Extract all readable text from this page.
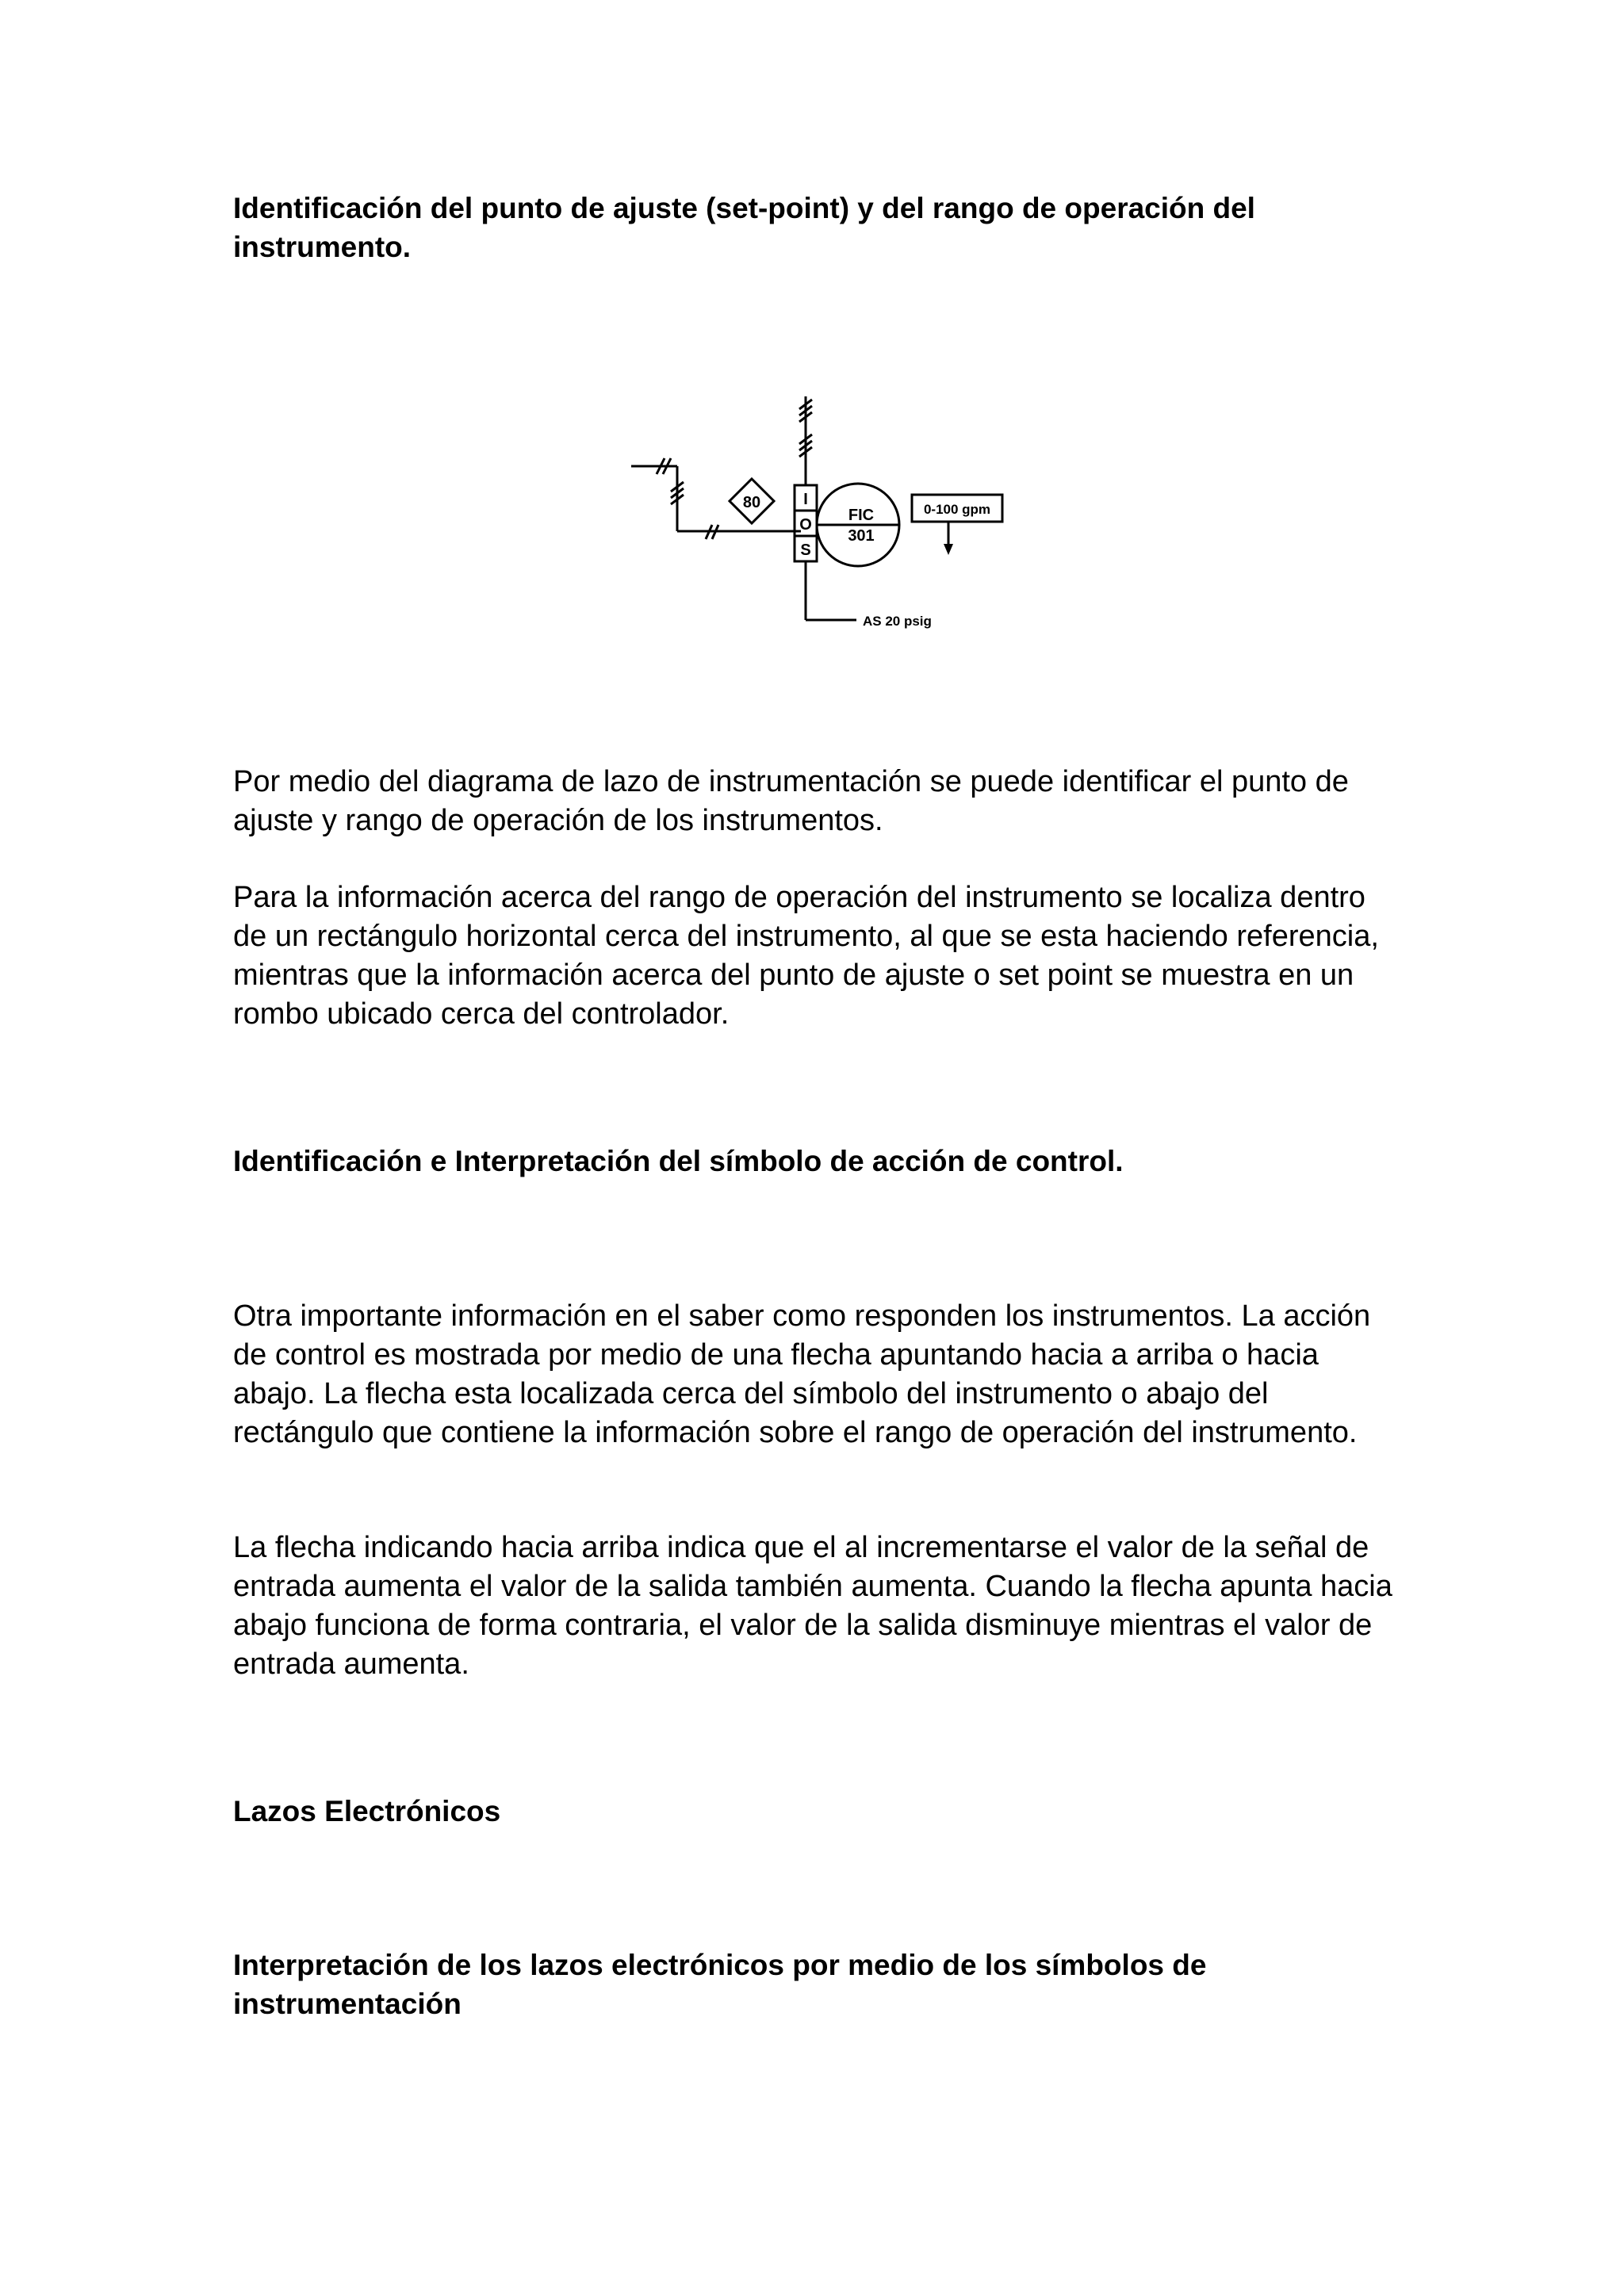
Identificación del punto de ajuste (set-point) y del rango de operación del instrumento.
80	I
O
S
FIC
301
0-100 gpm
AS 20 psig

Por medio del diagrama de lazo de instrumentación se puede identificar el punto de ajuste y rango de operación de los instrumentos.

Para la información acerca del rango de operación del instrumento se localiza dentro de un rectángulo horizontal cerca del instrumento, al que se esta haciendo referencia, mientras que la información acerca del punto de ajuste o set point se muestra en un rombo ubicado cerca del controlador.

Identificación e Interpretación del símbolo de acción de control.

Otra importante información en el saber como responden los instrumentos. La acción de control es mostrada por medio de una flecha apuntando hacia a arriba o hacia abajo. La flecha esta localizada cerca del símbolo del instrumento o abajo del rectángulo que contiene la información sobre el rango de operación del instrumento.

La flecha indicando hacia arriba indica que el al incrementarse el valor de la señal de entrada aumenta el valor de la salida también aumenta. Cuando la flecha apunta hacia abajo funciona de forma contraria, el valor de la salida disminuye mientras el valor de entrada aumenta.

Lazos Electrónicos
Interpretación de los lazos electrónicos por medio de los símbolos de instrumentación
